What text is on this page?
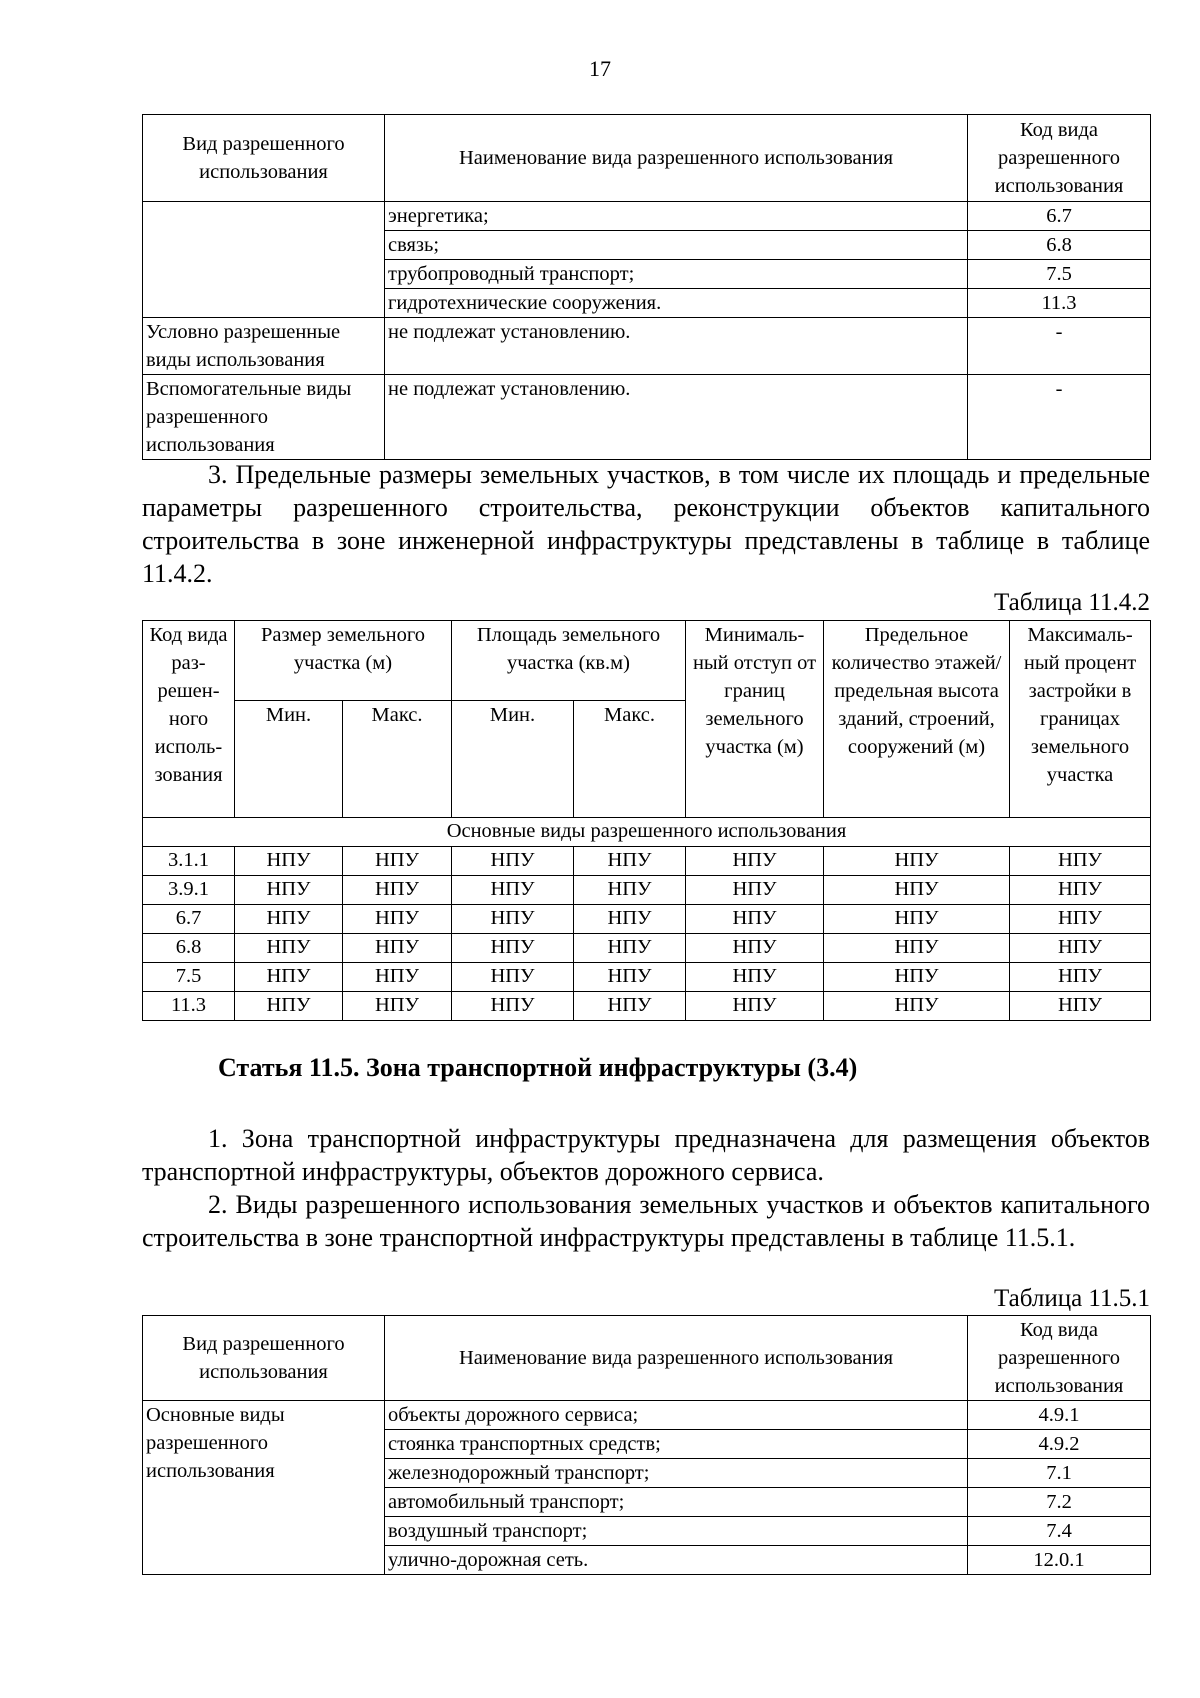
17
Вид разрешенного использования	Наименование вида разрешенного использования	Код вида разрешенного использования
	энергетика;	6.7
	связь;	6.8
	трубопроводный транспорт;	7.5
	гидротехнические сооружения.	11.3
Условно разрешенные виды использования	не подлежат установлению.	-
Вспомогательные виды разрешенного использования	не подлежат установлению.	-
3. Предельные размеры земельных участков, в том числе их площадь и предельные параметры разрешенного строительства, реконструкции объектов капитального строительства в зоне инженерной инфраструктуры представлены в таблице в таблице 11.4.2.
Таблица 11.4.2
Код вида раз-решен-ного исполь-зования	Размер земельного участка (м)		Площадь земельного участка (кв.м)		Минималь-ный отступ от границ земельного участка (м)	Предельное количество этажей/ предельная высота зданий, строений, сооружений (м)	Максималь-ный процент застройки в границах земельного участка
	Мин.	Макс.	Мин.	Макс.			
Основные виды разрешенного использования							
3.1.1	НПУ	НПУ	НПУ	НПУ	НПУ	НПУ	НПУ
3.9.1	НПУ	НПУ	НПУ	НПУ	НПУ	НПУ	НПУ
6.7	НПУ	НПУ	НПУ	НПУ	НПУ	НПУ	НПУ
6.8	НПУ	НПУ	НПУ	НПУ	НПУ	НПУ	НПУ
7.5	НПУ	НПУ	НПУ	НПУ	НПУ	НПУ	НПУ
11.3	НПУ	НПУ	НПУ	НПУ	НПУ	НПУ	НПУ
Статья 11.5. Зона транспортной инфраструктуры (3.4)
1. Зона транспортной инфраструктуры предназначена для размещения объектов транспортной инфраструктуры, объектов дорожного сервиса.
2. Виды разрешенного использования земельных участков и объектов капитального строительства в зоне транспортной инфраструктуры представлены в таблице 11.5.1.
Таблица 11.5.1
Вид разрешенного использования	Наименование вида разрешенного использования	Код вида разрешенного использования
Основные виды разрешенного использования	объекты дорожного сервиса;	4.9.1
	стоянка транспортных средств;	4.9.2
	железнодорожный транспорт;	7.1
	автомобильный транспорт;	7.2
	воздушный транспорт;	7.4
	улично-дорожная сеть.	12.0.1
